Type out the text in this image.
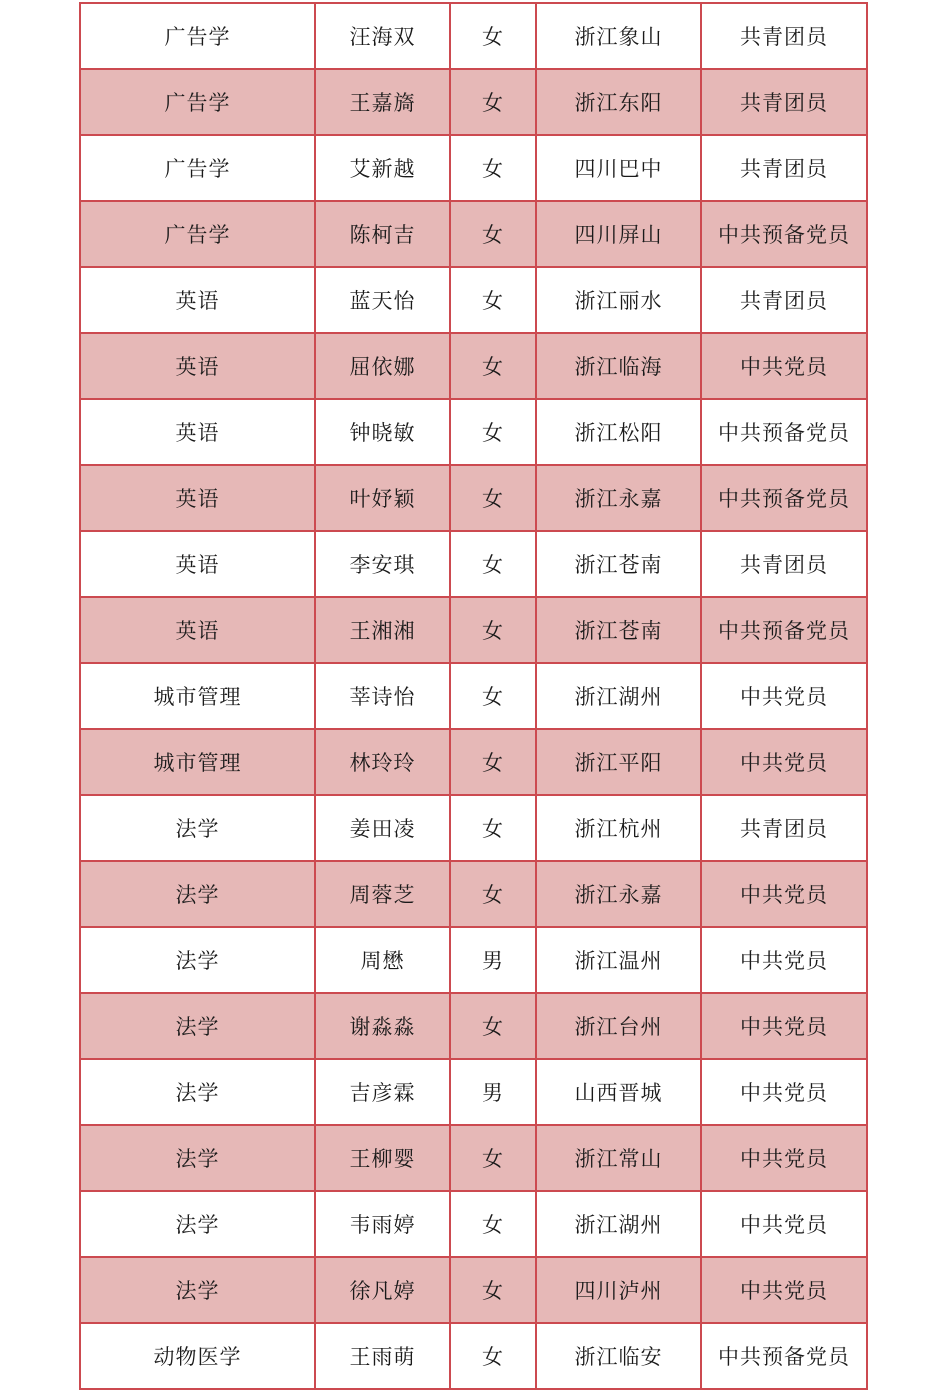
广告学	汪海双	女	浙江象山	共青团员
广告学	王嘉旖	女	浙江东阳	共青团员
广告学	艾新越	女	四川巴中	共青团员
广告学	陈柯吉	女	四川屏山	中共预备党员
英语	蓝天怡	女	浙江丽水	共青团员
英语	屈依娜	女	浙江临海	中共党员
英语	钟晓敏	女	浙江松阳	中共预备党员
英语	叶妤颖	女	浙江永嘉	中共预备党员
英语	李安琪	女	浙江苍南	共青团员
英语	王湘湘	女	浙江苍南	中共预备党员
城市管理	莘诗怡	女	浙江湖州	中共党员
城市管理	林玲玲	女	浙江平阳	中共党员
法学	姜田凌	女	浙江杭州	共青团员
法学	周蓉芝	女	浙江永嘉	中共党员
法学	周懋	男	浙江温州	中共党员
法学	谢淼淼	女	浙江台州	中共党员
法学	吉彦霖	男	山西晋城	中共党员
法学	王柳婴	女	浙江常山	中共党员
法学	韦雨婷	女	浙江湖州	中共党员
法学	徐凡婷	女	四川泸州	中共党员
动物医学	王雨萌	女	浙江临安	中共预备党员
